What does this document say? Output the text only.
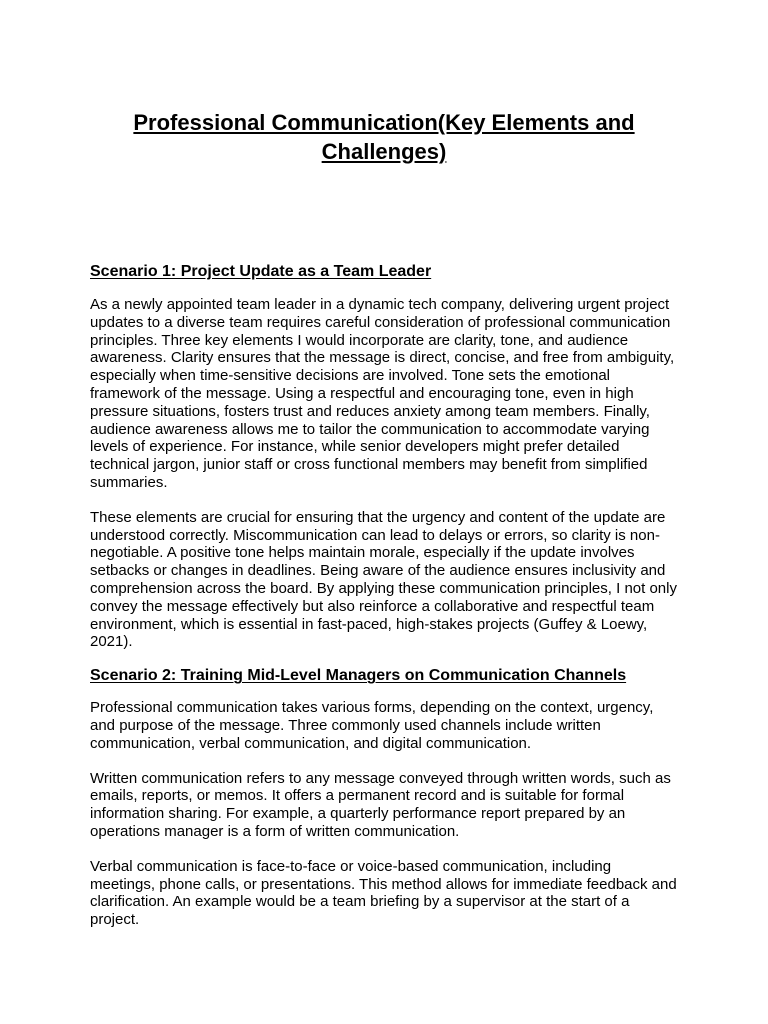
Professional Communication(Key Elements and Challenges)
Scenario 1: Project Update as a Team Leader

As a newly appointed team leader in a dynamic tech company, delivering urgent project updates to a diverse team requires careful consideration of professional communication principles. Three key elements I would incorporate are clarity, tone, and audience awareness. Clarity ensures that the message is direct, concise, and free from ambiguity, especially when time-sensitive decisions are involved. Tone sets the emotional framework of the message. Using a respectful and encouraging tone, even in high pressure situations, fosters trust and reduces anxiety among team members. Finally, audience awareness allows me to tailor the communication to accommodate varying levels of experience. For instance, while senior developers might prefer detailed technical jargon, junior staff or cross functional members may benefit from simplified summaries.

These elements are crucial for ensuring that the urgency and content of the update are understood correctly. Miscommunication can lead to delays or errors, so clarity is non-negotiable. A positive tone helps maintain morale, especially if the update involves setbacks or changes in deadlines. Being aware of the audience ensures inclusivity and comprehension across the board. By applying these communication principles, I not only convey the message effectively but also reinforce a collaborative and respectful team environment, which is essential in fast-paced, high-stakes projects (Guffey & Loewy, 2021).

Scenario 2: Training Mid-Level Managers on Communication Channels

Professional communication takes various forms, depending on the context, urgency, and purpose of the message. Three commonly used channels include written communication, verbal communication, and digital communication.

Written communication refers to any message conveyed through written words, such as emails, reports, or memos. It offers a permanent record and is suitable for formal information sharing. For example, a quarterly performance report prepared by an operations manager is a form of written communication.

Verbal communication is face-to-face or voice-based communication, including meetings, phone calls, or presentations. This method allows for immediate feedback and clarification. An example would be a team briefing by a supervisor at the start of a project.
